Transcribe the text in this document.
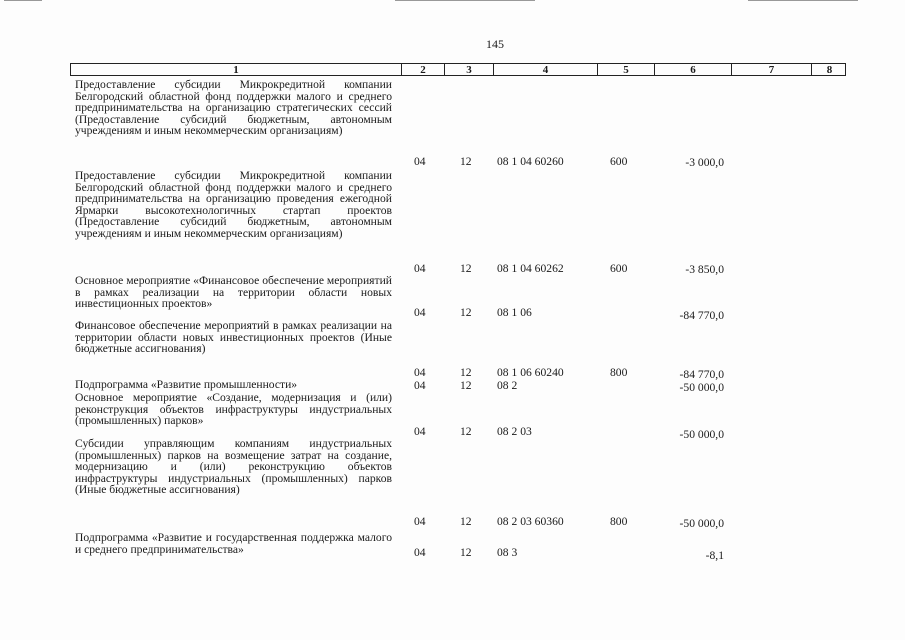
145
1	2	3	4	5	6	7	8
Предоставление субсидии Микрокредитной компании Белгородский областной фонд поддержки малого и среднего предпринимательства на организацию стратегических сессий (Предоставление субсидий бюджетным, автономным учреждениям и иным некоммерческим организациям)
04	12 08 1 04 60260	600	-3 000,0
Предоставление субсидии Микрокредитной компании Белгородский областной фонд поддержки малого и среднего предпринимательства на организацию проведения ежегодной Ярмарки высокотехнологичных стартап проектов (Предоставление субсидий бюджетным, автономным учреждениям и иным некоммерческим организациям)
04	12 08 1 04 60262	600	-3 850,0
Основное мероприятие «Финансовое обеспечение мероприятий в рамках реализации на территории области новых инвестиционных проектов»
04	12 08 1 06	-84 770,0
Финансовое обеспечение мероприятий в рамках реализации на территории области новых инвестиционных проектов (Иные бюджетные ассигнования)
04	12 08 1 06 60240	800	-84 770,0
Подпрограмма «Развитие промышленности»	04	12 08 2	-50 000,0
Основное мероприятие «Создание, модернизация и (или) реконструкция объектов инфраструктуры индустриальных (промышленных) парков»
04	12 08 2 03	-50 000,0
Субсидии управляющим компаниям индустриальных (промышленных) парков на возмещение затрат на создание, модернизацию и (или) реконструкцию объектов инфраструктуры индустриальных (промышленных) парков (Иные бюджетные ассигнования)
04	12 08 2 03 60360	800	-50 000,0
Подпрограмма «Развитие и государственная поддержка малого и среднего предпринимательства»	04	12 08 3	-8,1
